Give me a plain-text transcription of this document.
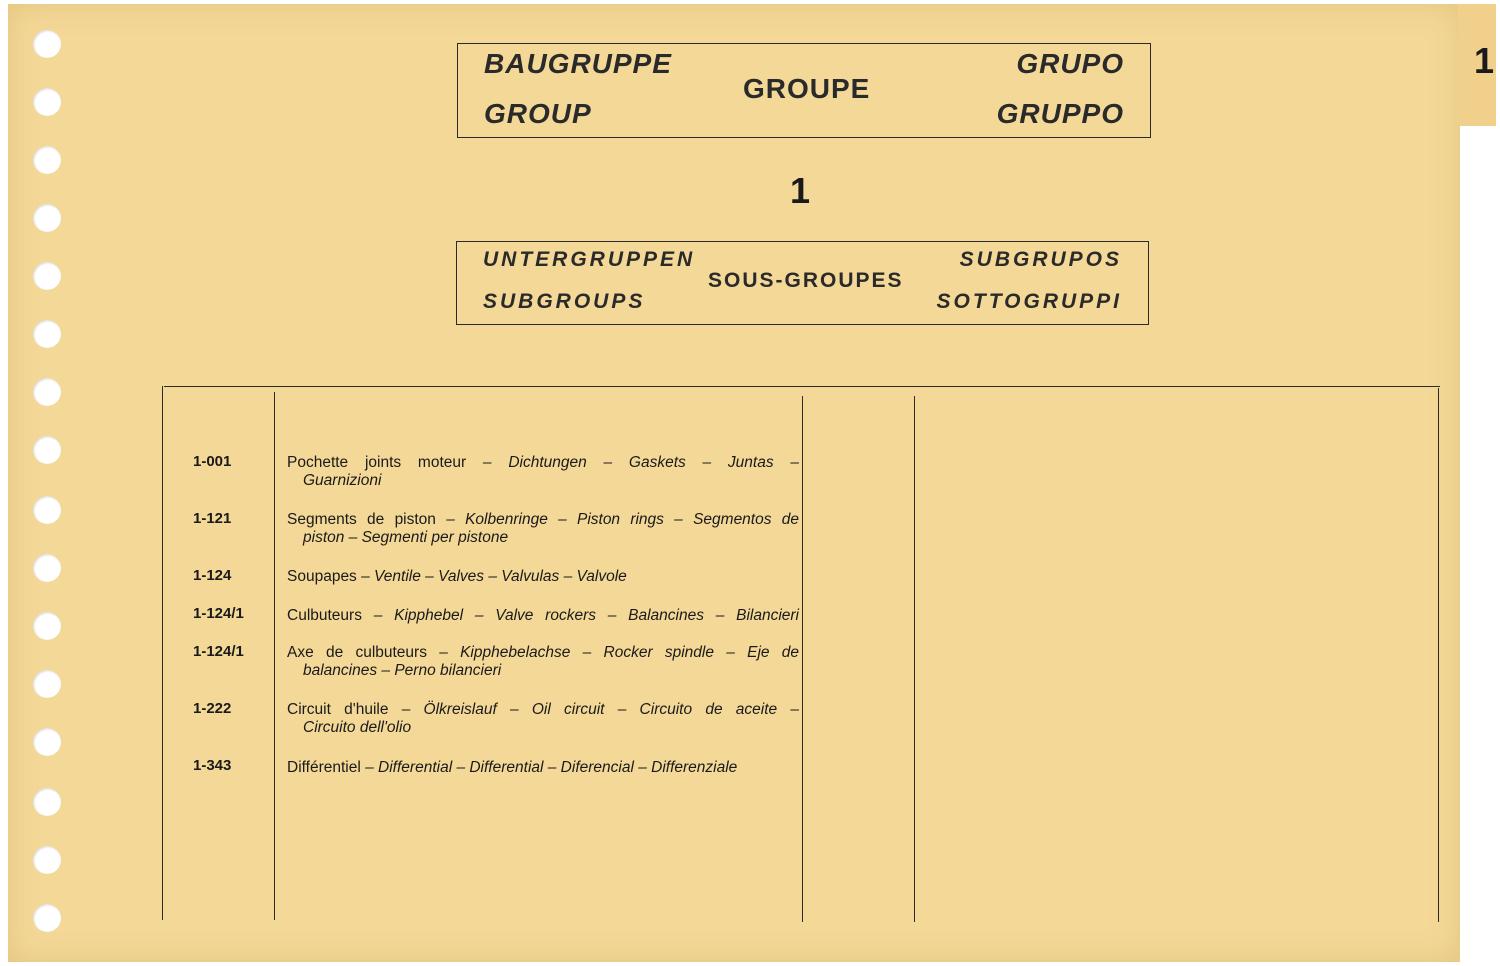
1
BAUGRUPPE
GROUP
GROUPE
GRUPO
GRUPPO
1
UNTERGRUPPEN
SUBGROUPS
SOUS-GROUPES
SUBGRUPOS
SOTTOGRUPPI
1-001	Pochette joints moteur – Dichtungen – Gaskets – Juntas –
Guarnizioni
1-121	Segments de piston – Kolbenringe – Piston rings – Segmentos de
piston – Segmenti per pistone
1-124	Soupapes – Ventile – Valves – Valvulas – Valvole
1-124/1	Culbuteurs – Kipphebel – Valve rockers – Balancines – Bilancieri
1-124/1	Axe de culbuteurs – Kipphebelachse – Rocker spindle – Eje de
balancines – Perno bilancieri
1-222	Circuit d'huile – Ölkreislauf – Oil circuit – Circuito de aceite –
Circuito dell'olio
1-343	Différentiel – Differential – Differential – Diferencial – Differenziale
